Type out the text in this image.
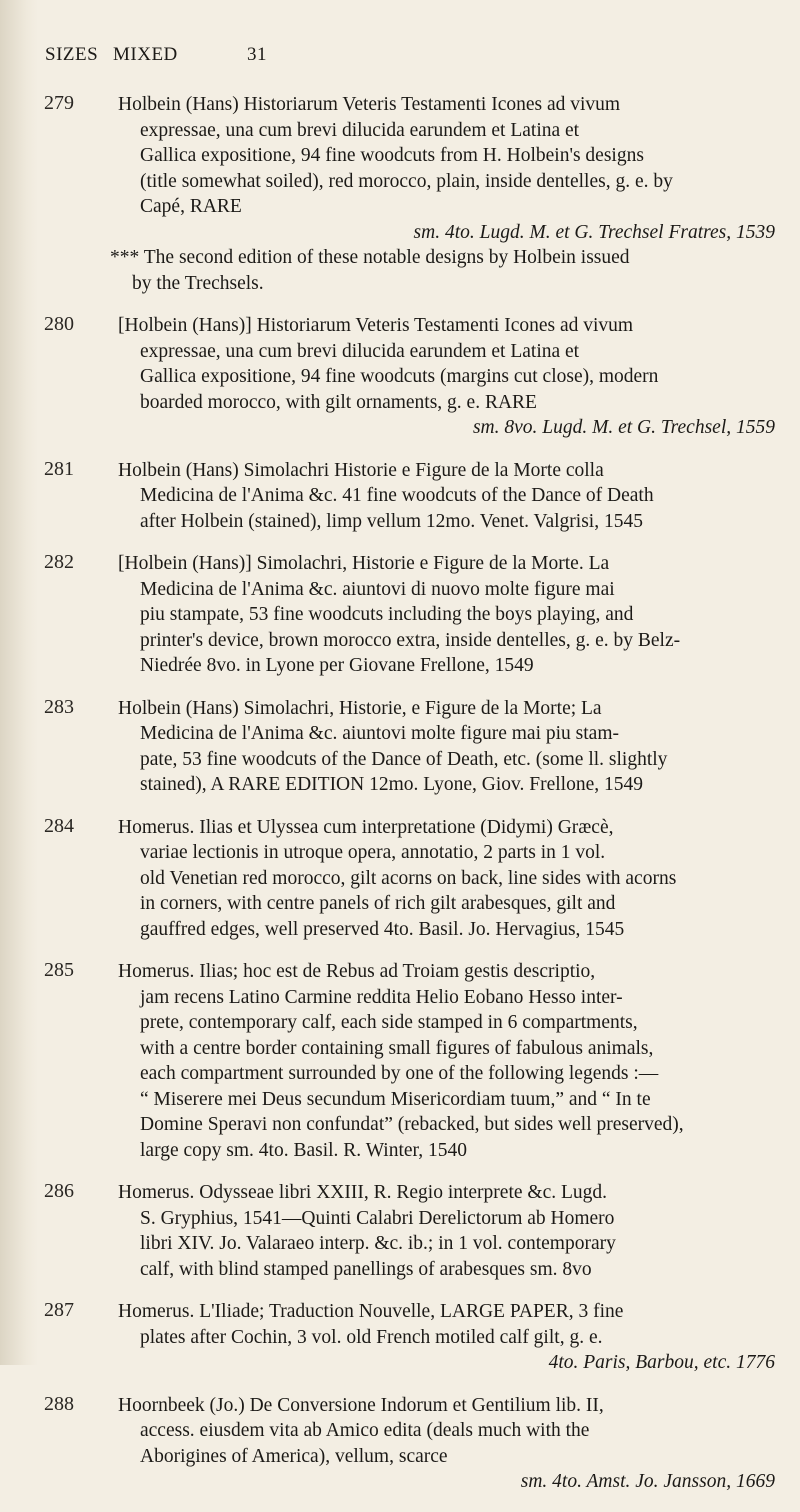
SIZES MIXED	31
279 Holbein (Hans) Historiarum Veteris Testamenti Icones ad vivum
expressae, una cum brevi dilucida earundem et Latina et
Gallica expositione, 94 fine woodcuts from H. Holbein's designs
(title somewhat soiled), red morocco, plain, inside dentelles, g. e. by
Capé, RARE
sm. 4to. Lugd. M. et G. Trechsel Fratres, 1539
*** The second edition of these notable designs by Holbein issued
by the Trechsels.
280 [Holbein (Hans)] Historiarum Veteris Testamenti Icones ad vivum
expressae, una cum brevi dilucida earundem et Latina et
Gallica expositione, 94 fine woodcuts (margins cut close), modern
boarded morocco, with gilt ornaments, g. e. RARE
sm. 8vo. Lugd. M. et G. Trechsel, 1559
281 Holbein (Hans) Simolachri Historie e Figure de la Morte colla
Medicina de l'Anima &c. 41 fine woodcuts of the Dance of Death
after Holbein (stained), limp vellum 12mo. Venet. Valgrisi, 1545
282 [Holbein (Hans)] Simolachri, Historie e Figure de la Morte. La
Medicina de l'Anima &c. aiuntovi di nuovo molte figure mai
piu stampate, 53 fine woodcuts including the boys playing, and
printer's device, brown morocco extra, inside dentelles, g. e. by Belz-
Niedrée 8vo. in Lyone per Giovane Frellone, 1549
283 Holbein (Hans) Simolachri, Historie, e Figure de la Morte; La
Medicina de l'Anima &c. aiuntovi molte figure mai piu stam-
pate, 53 fine woodcuts of the Dance of Death, etc. (some ll. slightly
stained), A RARE EDITION 12mo. Lyone, Giov. Frellone, 1549
284 Homerus. Ilias et Ulyssea cum interpretatione (Didymi) Græcè,
variae lectionis in utroque opera, annotatio, 2 parts in 1 vol.
old Venetian red morocco, gilt acorns on back, line sides with acorns
in corners, with centre panels of rich gilt arabesques, gilt and
gauffred edges, well preserved 4to. Basil. Jo. Hervagius, 1545
285 Homerus. Ilias; hoc est de Rebus ad Troiam gestis descriptio,
jam recens Latino Carmine reddita Helio Eobano Hesso inter-
prete, contemporary calf, each side stamped in 6 compartments,
with a centre border containing small figures of fabulous animals,
each compartment surrounded by one of the following legends :—
“ Miserere mei Deus secundum Misericordiam tuum,” and “ In te
Domine Speravi non confundat” (rebacked, but sides well preserved),
large copy sm. 4to. Basil. R. Winter, 1540
286 Homerus. Odysseae libri XXIII, R. Regio interprete &c. Lugd.
S. Gryphius, 1541—Quinti Calabri Derelictorum ab Homero
libri XIV. Jo. Valaraeo interp. &c. ib.; in 1 vol. contemporary
calf, with blind stamped panellings of arabesques sm. 8vo
287 Homerus. L'Iliade; Traduction Nouvelle, LARGE PAPER, 3 fine
plates after Cochin, 3 vol. old French motiled calf gilt, g. e.
4to. Paris, Barbou, etc. 1776
288 Hoornbeek (Jo.) De Conversione Indorum et Gentilium lib. II,
access. eiusdem vita ab Amico edita (deals much with the
Aborigines of America), vellum, scarce
sm. 4to. Amst. Jo. Jansson, 1669
